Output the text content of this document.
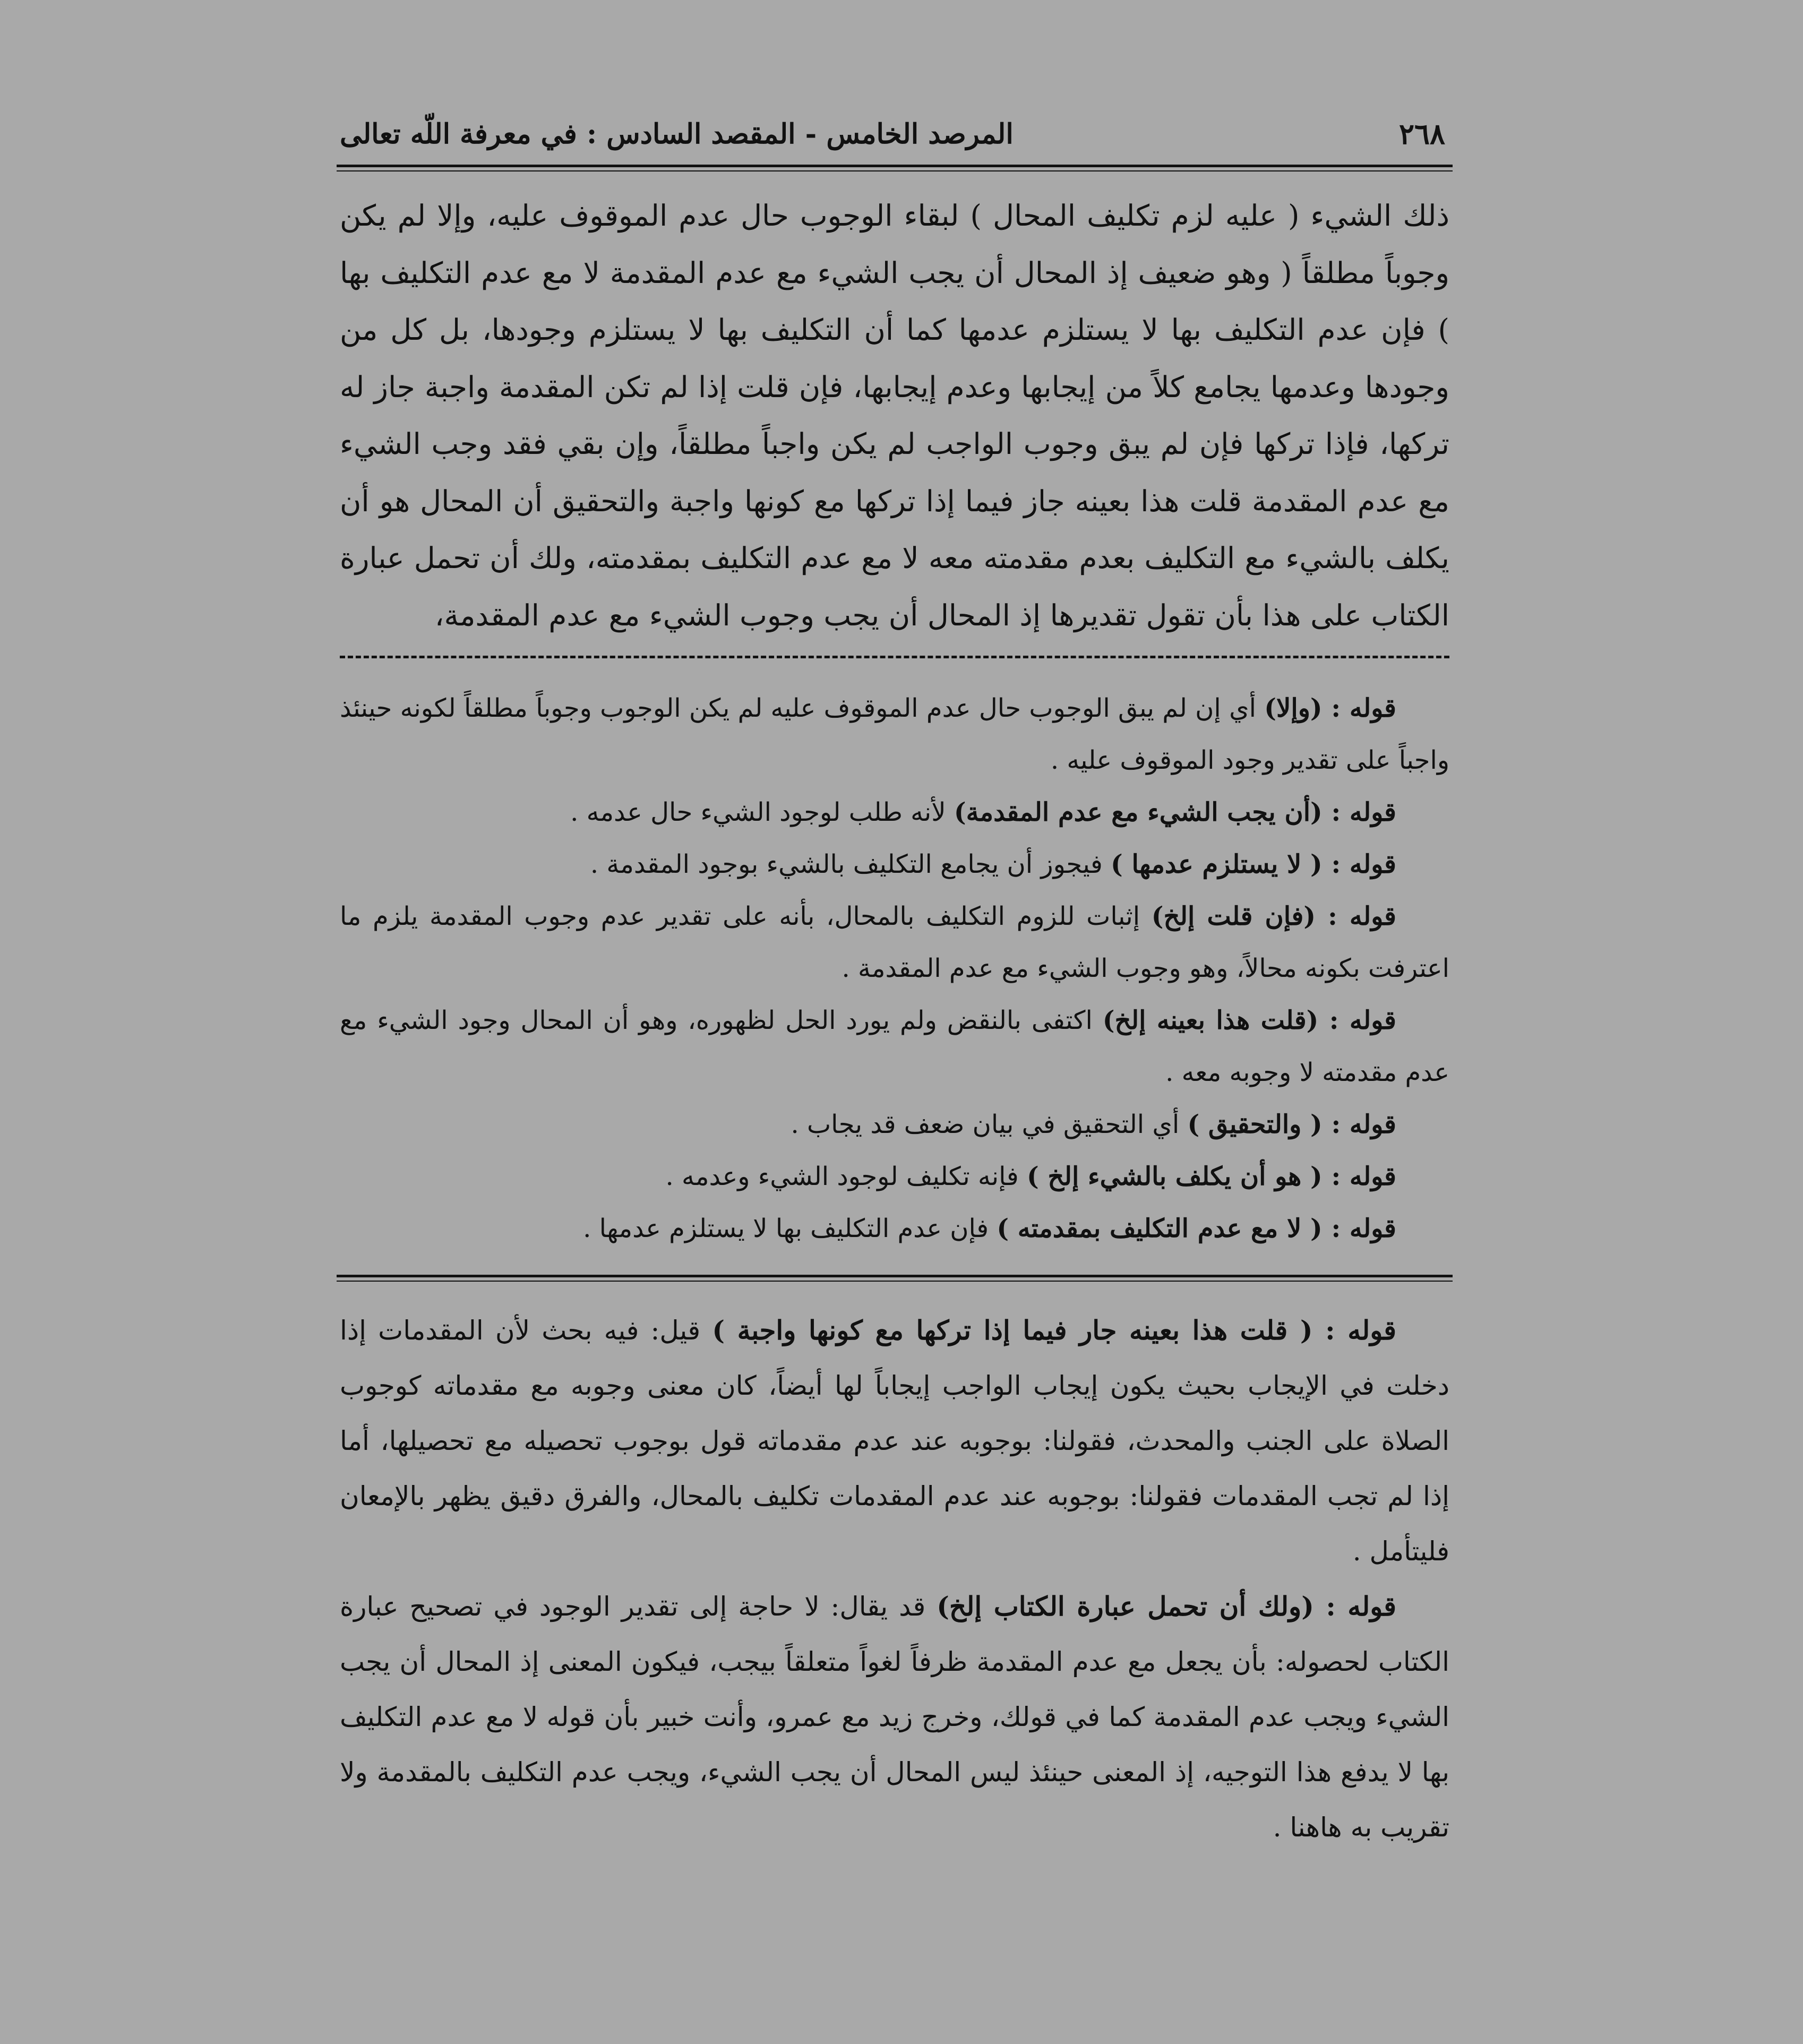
٢٦٨
المرصد الخامس - المقصد السادس : في معرفة اللّه تعالى
ذلك الشيء ( عليه لزم تكليف المحال ) لبقاء الوجوب حال عدم الموقوف عليه، وإلا لم يكن وجوباً مطلقاً ( وهو ضعيف إذ المحال أن يجب الشيء مع عدم المقدمة لا مع عدم التكليف بها ) فإن عدم التكليف بها لا يستلزم عدمها كما أن التكليف بها لا يستلزم وجودها، بل كل من وجودها وعدمها يجامع كلاً من إيجابها وعدم إيجابها، فإن قلت إذا لم تكن المقدمة واجبة جاز له تركها، فإذا تركها فإن لم يبق وجوب الواجب لم يكن واجباً مطلقاً، وإن بقي فقد وجب الشيء مع عدم المقدمة قلت هذا بعينه جاز فيما إذا تركها مع كونها واجبة والتحقيق أن المحال هو أن يكلف بالشيء مع التكليف بعدم مقدمته معه لا مع عدم التكليف بمقدمته، ولك أن تحمل عبارة الكتاب على هذا بأن تقول تقديرها إذ المحال أن يجب وجوب الشيء مع عدم المقدمة،

قوله : (وإلا) أي إن لم يبق الوجوب حال عدم الموقوف عليه لم يكن الوجوب وجوباً مطلقاً لكونه حينئذ واجباً على تقدير وجود الموقوف عليه .

قوله : (أن يجب الشيء مع عدم المقدمة) لأنه طلب لوجود الشيء حال عدمه .

قوله : ( لا يستلزم عدمها ) فيجوز أن يجامع التكليف بالشيء بوجود المقدمة .

قوله : (فإن قلت إلخ) إثبات للزوم التكليف بالمحال، بأنه على تقدير عدم وجوب المقدمة يلزم ما اعترفت بكونه محالاً، وهو وجوب الشيء مع عدم المقدمة .

قوله : (قلت هذا بعينه إلخ) اكتفى بالنقض ولم يورد الحل لظهوره، وهو أن المحال وجود الشيء مع عدم مقدمته لا وجوبه معه .

قوله : ( والتحقيق ) أي التحقيق في بيان ضعف قد يجاب .

قوله : ( هو أن يكلف بالشيء إلخ ) فإنه تكليف لوجود الشيء وعدمه .

قوله : ( لا مع عدم التكليف بمقدمته ) فإن عدم التكليف بها لا يستلزم عدمها .

قوله : ( قلت هذا بعينه جار فيما إذا تركها مع كونها واجبة ) قيل: فيه بحث لأن المقدمات إذا دخلت في الإيجاب بحيث يكون إيجاب الواجب إيجاباً لها أيضاً، كان معنى وجوبه مع مقدماته كوجوب الصلاة على الجنب والمحدث، فقولنا: بوجوبه عند عدم مقدماته قول بوجوب تحصيله مع تحصيلها، أما إذا لم تجب المقدمات فقولنا: بوجوبه عند عدم المقدمات تكليف بالمحال، والفرق دقيق يظهر بالإمعان فليتأمل .

قوله : (ولك أن تحمل عبارة الكتاب إلخ) قد يقال: لا حاجة إلى تقدير الوجود في تصحيح عبارة الكتاب لحصوله: بأن يجعل مع عدم المقدمة ظرفاً لغواً متعلقاً بيجب، فيكون المعنى إذ المحال أن يجب الشيء ويجب عدم المقدمة كما في قولك، وخرج زيد مع عمرو، وأنت خبير بأن قوله لا مع عدم التكليف بها لا يدفع هذا التوجيه، إذ المعنى حينئذ ليس المحال أن يجب الشيء، ويجب عدم التكليف بالمقدمة ولا تقريب به هاهنا .
